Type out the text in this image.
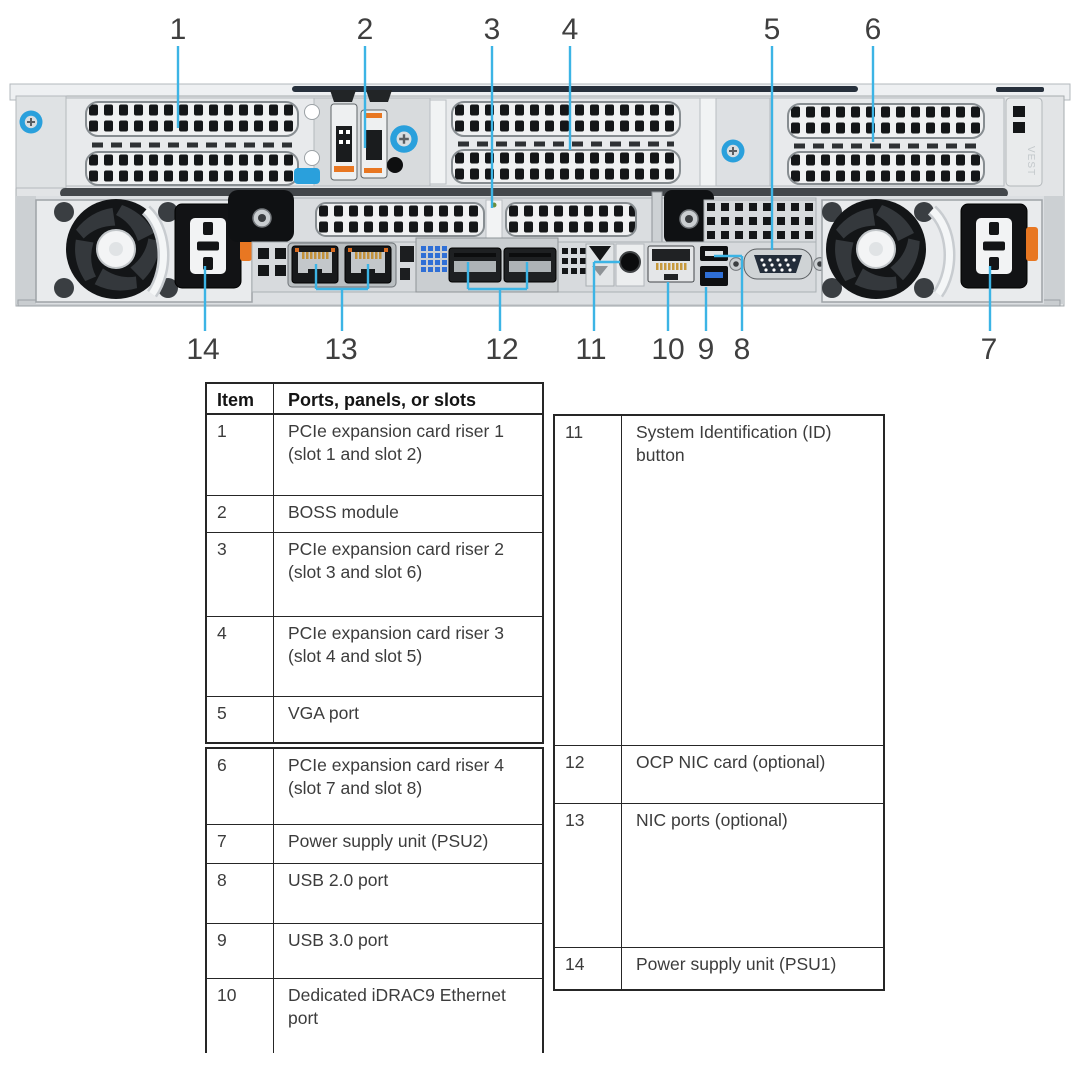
VEST
1	2	3 4	5	6
14	13	12 11 10 9 8	7
Item	Ports, panels, or slots
1	PCIe expansion card riser 1 (slot 1 and slot 2)
2	BOSS module
3	PCIe expansion card riser 2 (slot 3 and slot 6)
4	PCIe expansion card riser 3 (slot 4 and slot 5)
5	VGA port
6	PCIe expansion card riser 4 (slot 7 and slot 8)
7	Power supply unit (PSU2)
8	USB 2.0 port
9	USB 3.0 port
10	Dedicated iDRAC9 Ethernet port
11	System Identification (ID) button
12	OCP NIC card (optional)
13	NIC ports (optional)
14	Power supply unit (PSU1)
